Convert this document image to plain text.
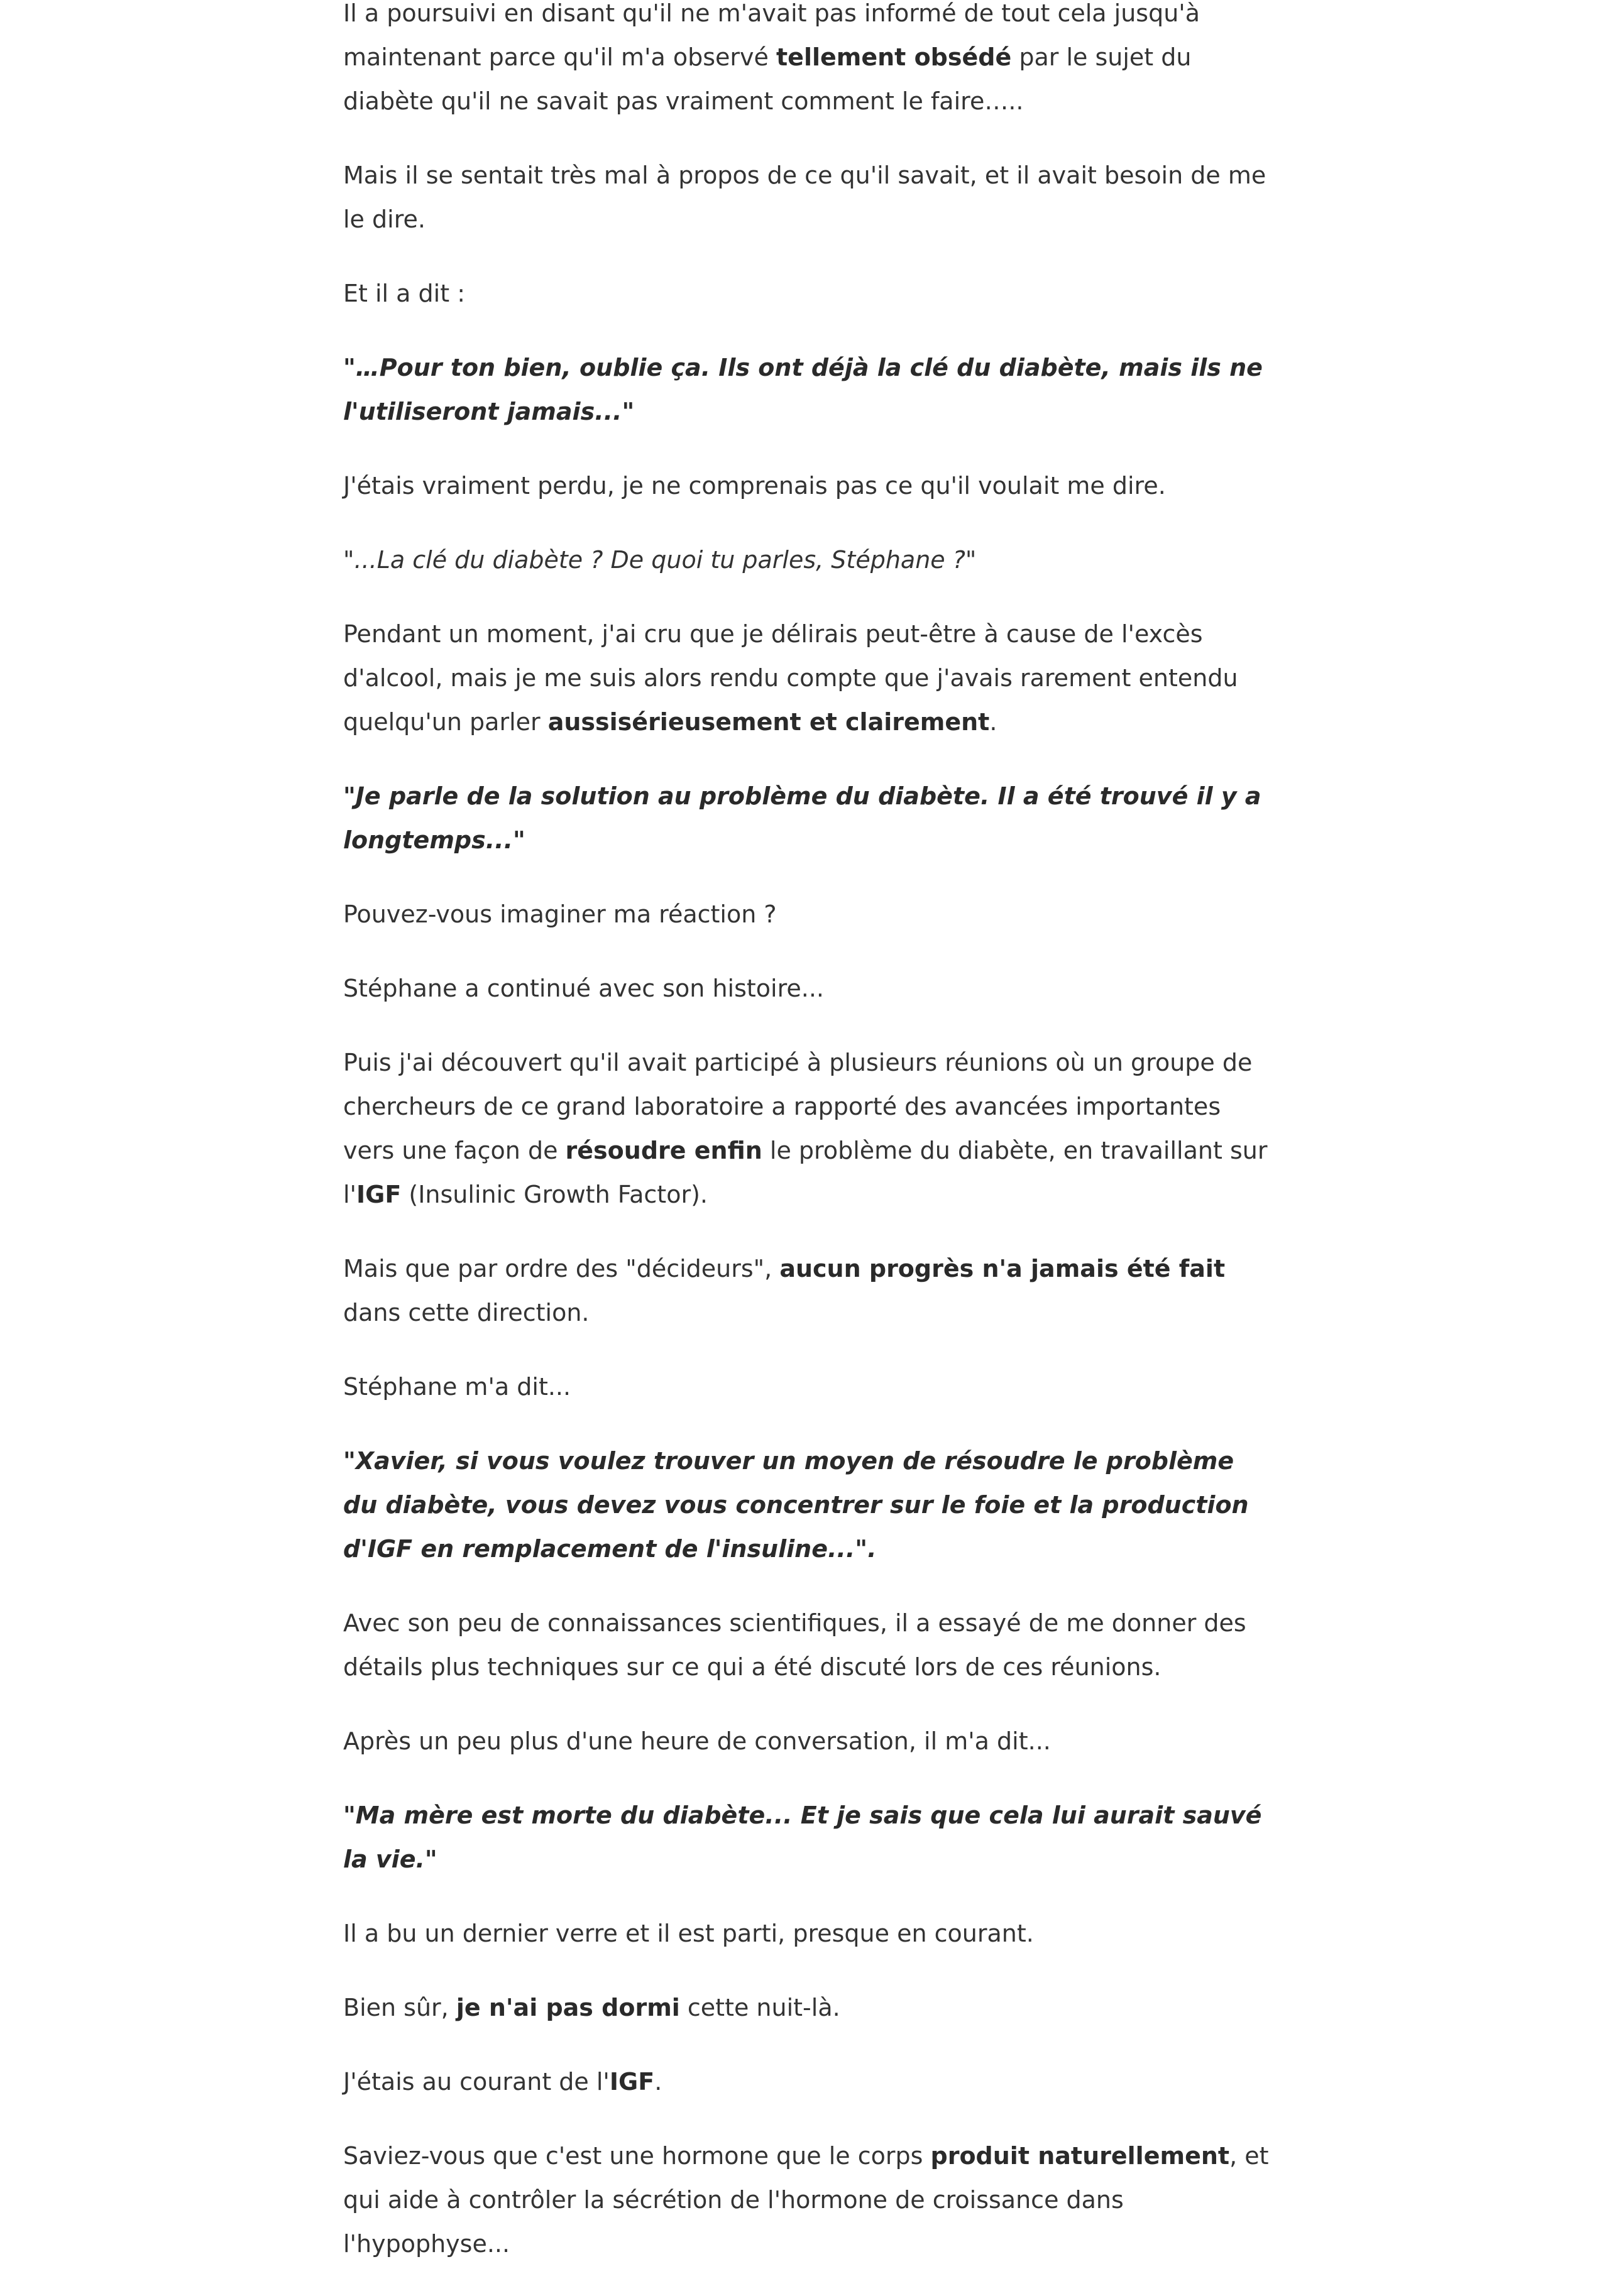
Il a poursuivi en disant qu'il ne m'avait pas informé de tout cela jusqu'à maintenant parce qu'il m'a observé tellement obsédé par le sujet du diabète qu'il ne savait pas vraiment comment le faire…..

Mais il se sentait très mal à propos de ce qu'il savait, et il avait besoin de me le dire.

Et il a dit :

"…Pour ton bien, oublie ça. Ils ont déjà la clé du diabète, mais ils ne l'utiliseront jamais..."

J'étais vraiment perdu, je ne comprenais pas ce qu'il voulait me dire.

"...La clé du diabète ? De quoi tu parles, Stéphane ?"

Pendant un moment, j'ai cru que je délirais peut-être à cause de l'excès d'alcool, mais je me suis alors rendu compte que j'avais rarement entendu quelqu'un parler aussisérieusement et clairement.

"Je parle de la solution au problème du diabète. Il a été trouvé il y a longtemps..."

Pouvez-vous imaginer ma réaction ?

Stéphane a continué avec son histoire...

Puis j'ai découvert qu'il avait participé à plusieurs réunions où un groupe de chercheurs de ce grand laboratoire a rapporté des avancées importantes vers une façon de résoudre enfin le problème du diabète, en travaillant sur l'IGF (Insulinic Growth Factor).

Mais que par ordre des "décideurs", aucun progrès n'a jamais été fait dans cette direction.

Stéphane m'a dit...

"Xavier, si vous voulez trouver un moyen de résoudre le problème du diabète, vous devez vous concentrer sur le foie et la production d'IGF en remplacement de l'insuline...".

Avec son peu de connaissances scientifiques, il a essayé de me donner des détails plus techniques sur ce qui a été discuté lors de ces réunions.

Après un peu plus d'une heure de conversation, il m'a dit...

"Ma mère est morte du diabète... Et je sais que cela lui aurait sauvé la vie."

Il a bu un dernier verre et il est parti, presque en courant.

Bien sûr, je n'ai pas dormi cette nuit-là.

J'étais au courant de l'IGF.

Saviez-vous que c'est une hormone que le corps produit naturellement, et qui aide à contrôler la sécrétion de l'hormone de croissance dans l'hypophyse...
